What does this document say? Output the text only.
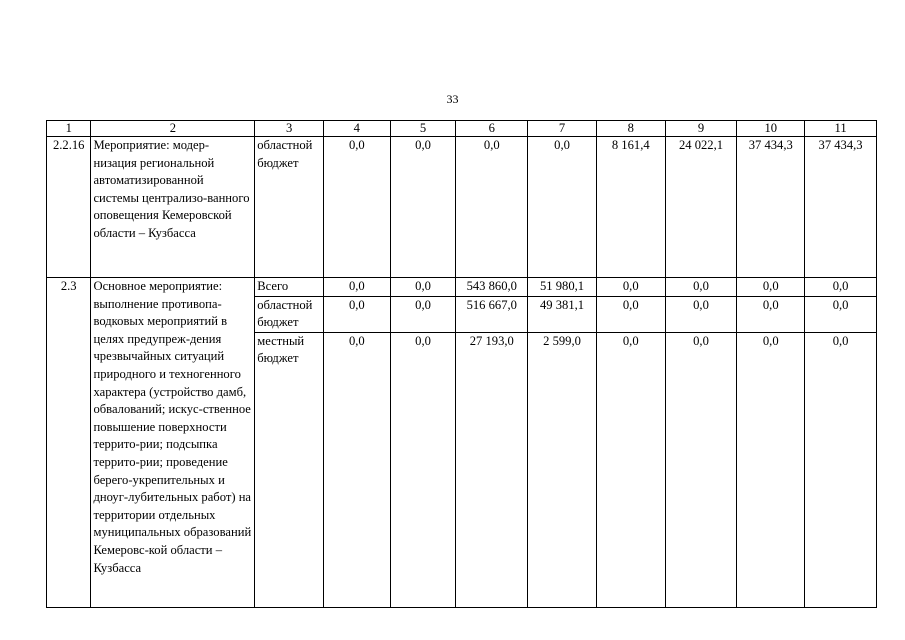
33
1	2	3	4	5	6	7	8	9	10	11
2.2.16	Мероприятие: модер-низация региональной автоматизированной системы централизо-ванного оповещения Кемеровской области – Кузбасса	областной бюджет	0,0	0,0	0,0	0,0	8 161,4	24 022,1	37 434,3	37 434,3
2.3	Основное мероприятие: выполнение противопа-водковых мероприятий в целях предупреж-дения чрезвычайных ситуаций природного и техногенного характера (устройство дамб, обвалований; искус-ственное повышение поверхности террито-рии; подсыпка террито-рии; проведение берего-укрепительных и дноуг-лубительных работ) на территории отдельных муниципальных образований Кемеровс-кой области – Кузбасса	Всего	0,0	0,0	543 860,0	51 980,1	0,0	0,0	0,0	0,0
		областной бюджет	0,0	0,0	516 667,0	49 381,1	0,0	0,0	0,0	0,0
		местный бюджет	0,0	0,0	27 193,0	2 599,0	0,0	0,0	0,0	0,0
